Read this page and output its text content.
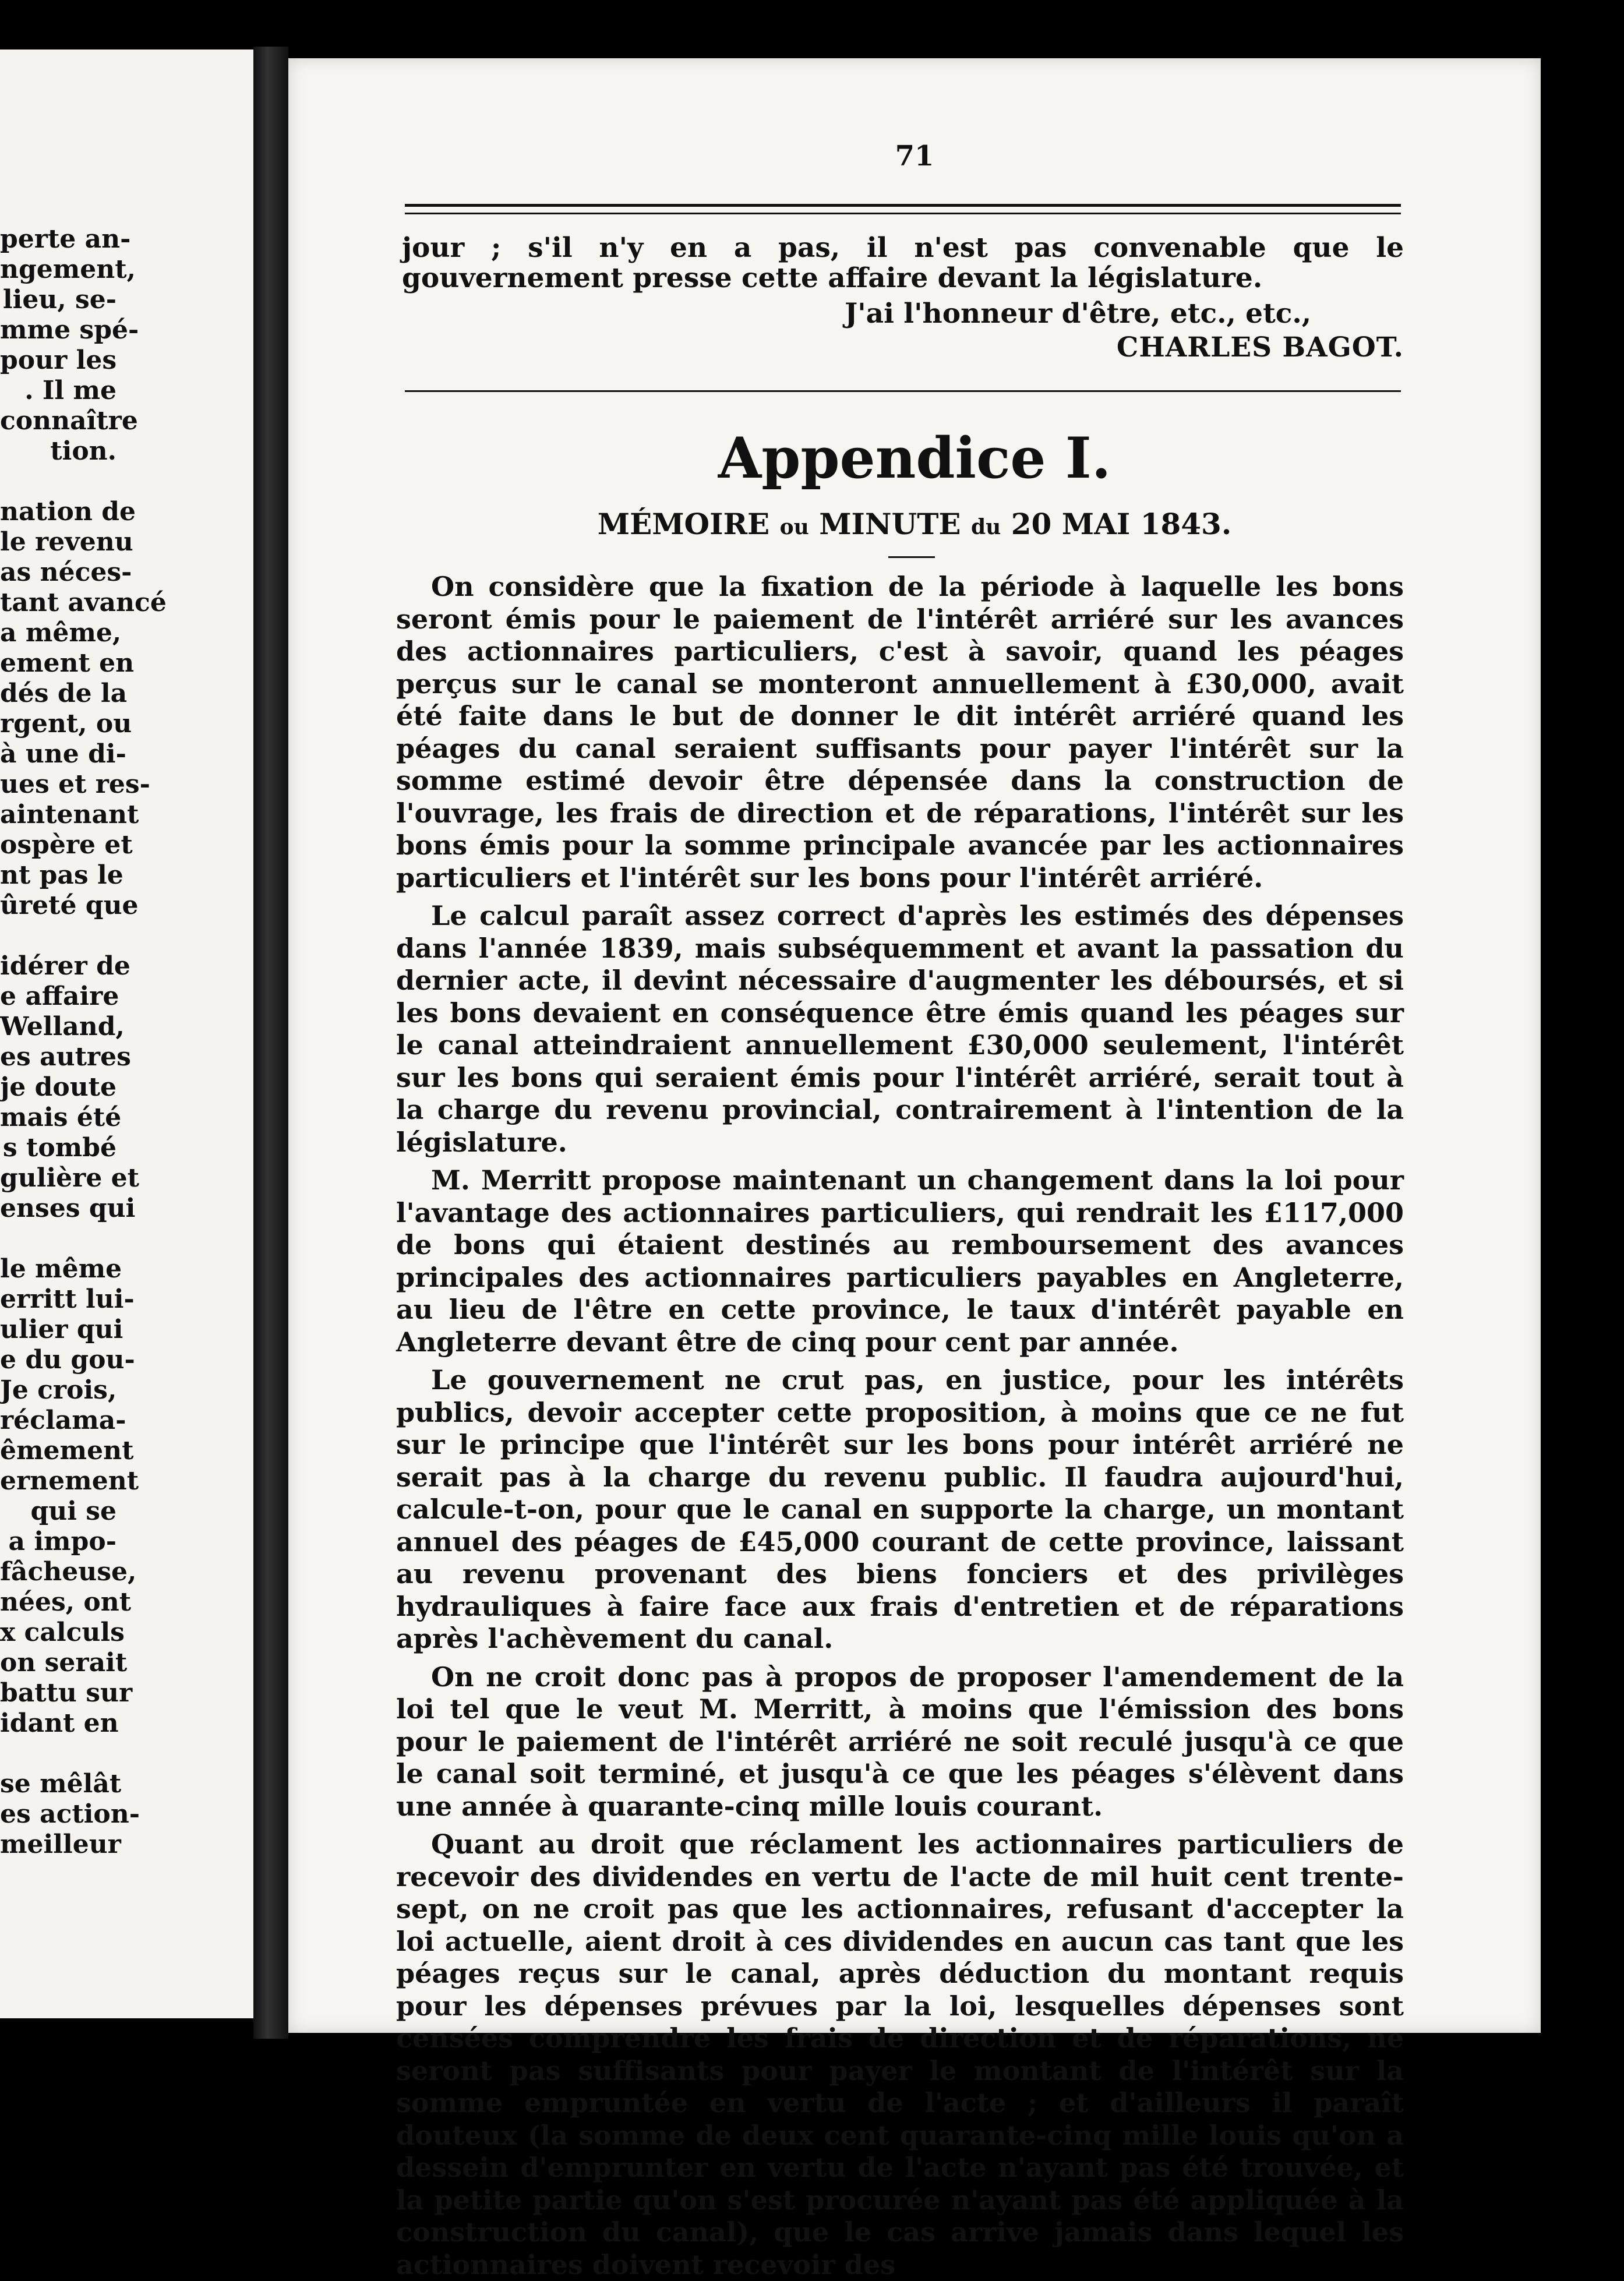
perte an-
ngement,
lieu, se-
mme spé-
pour les
. Il me
connaître
tion.
nation de
le revenu
as néces-
tant avancé
a même,
ement en
dés de la
rgent, ou
à une di-
ues et res-
aintenant
ospère et
nt pas le
ûreté que
idérer de
e affaire
Welland,
es autres
je doute
mais été
s tombé
gulière et
enses qui
le même
erritt lui-
ulier qui
e du gou-
Je crois,
réclama-
êmement
ernement
qui se
a impo-
fâcheuse,
nées, ont
x calculs
on serait
battu sur
idant en
se mêlât
es action-
meilleur
71
jour ; s'il n'y en a pas, il n'est pas convenable que le gouvernement presse cette affaire devant la législature.
J'ai l'honneur d'être, etc., etc.,
CHARLES BAGOT.
Appendice I.
MÉMOIRE ou MINUTE du 20 MAI 1843.

On considère que la fixation de la période à laquelle les bons seront émis pour le paiement de l'intérêt arriéré sur les avances des actionnaires particuliers, c'est à savoir, quand les péages perçus sur le canal se monteront annuellement à £30,000, avait été faite dans le but de donner le dit intérêt arriéré quand les péages du canal seraient suffisants pour payer l'intérêt sur la somme estimé devoir être dépensée dans la construction de l'ouvrage, les frais de direction et de réparations, l'intérêt sur les bons émis pour la somme principale avancée par les actionnaires particuliers et l'intérêt sur les bons pour l'intérêt arriéré.

Le calcul paraît assez correct d'après les estimés des dépenses dans l'année 1839, mais subséquemment et avant la passation du dernier acte, il devint nécessaire d'augmenter les déboursés, et si les bons devaient en conséquence être émis quand les péages sur le canal atteindraient annuellement £30,000 seulement, l'intérêt sur les bons qui seraient émis pour l'intérêt arriéré, serait tout à la charge du revenu provincial, contrairement à l'intention de la législature.

M. Merritt propose maintenant un changement dans la loi pour l'avantage des actionnaires particuliers, qui rendrait les £117,000 de bons qui étaient destinés au remboursement des avances principales des actionnaires particuliers payables en Angleterre, au lieu de l'être en cette province, le taux d'intérêt payable en Angleterre devant être de cinq pour cent par année.

Le gouvernement ne crut pas, en justice, pour les intérêts publics, devoir accepter cette proposition, à moins que ce ne fut sur le principe que l'intérêt sur les bons pour intérêt arriéré ne serait pas à la charge du revenu public. Il faudra aujourd'hui, calcule-t-on, pour que le canal en supporte la charge, un montant annuel des péages de £45,000 courant de cette province, laissant au revenu provenant des biens fonciers et des privilèges hydrauliques à faire face aux frais d'entretien et de réparations après l'achèvement du canal.

On ne croit donc pas à propos de proposer l'amendement de la loi tel que le veut M. Merritt, à moins que l'émission des bons pour le paiement de l'intérêt arriéré ne soit reculé jusqu'à ce que le canal soit terminé, et jusqu'à ce que les péages s'élèvent dans une année à quarante-cinq mille louis courant.

Quant au droit que réclament les actionnaires particuliers de recevoir des dividendes en vertu de l'acte de mil huit cent trente-sept, on ne croit pas que les actionnaires, refusant d'accepter la loi actuelle, aient droit à ces dividendes en aucun cas tant que les péages reçus sur le canal, après déduction du montant requis pour les dépenses prévues par la loi, lesquelles dépenses sont censées comprendre les frais de direction et de réparations, ne seront pas suffisants pour payer le montant de l'intérêt sur la somme empruntée en vertu de l'acte ; et d'ailleurs il paraît douteux (la somme de deux cent quarante-cinq mille louis qu'on a dessein d'emprunter en vertu de l'acte n'ayant pas été trouvée, et la petite partie qu'on s'est procurée n'ayant pas été appliquée à la construction du canal), que le cas arrive jamais dans lequel les actionnaires doivent recevoir des
